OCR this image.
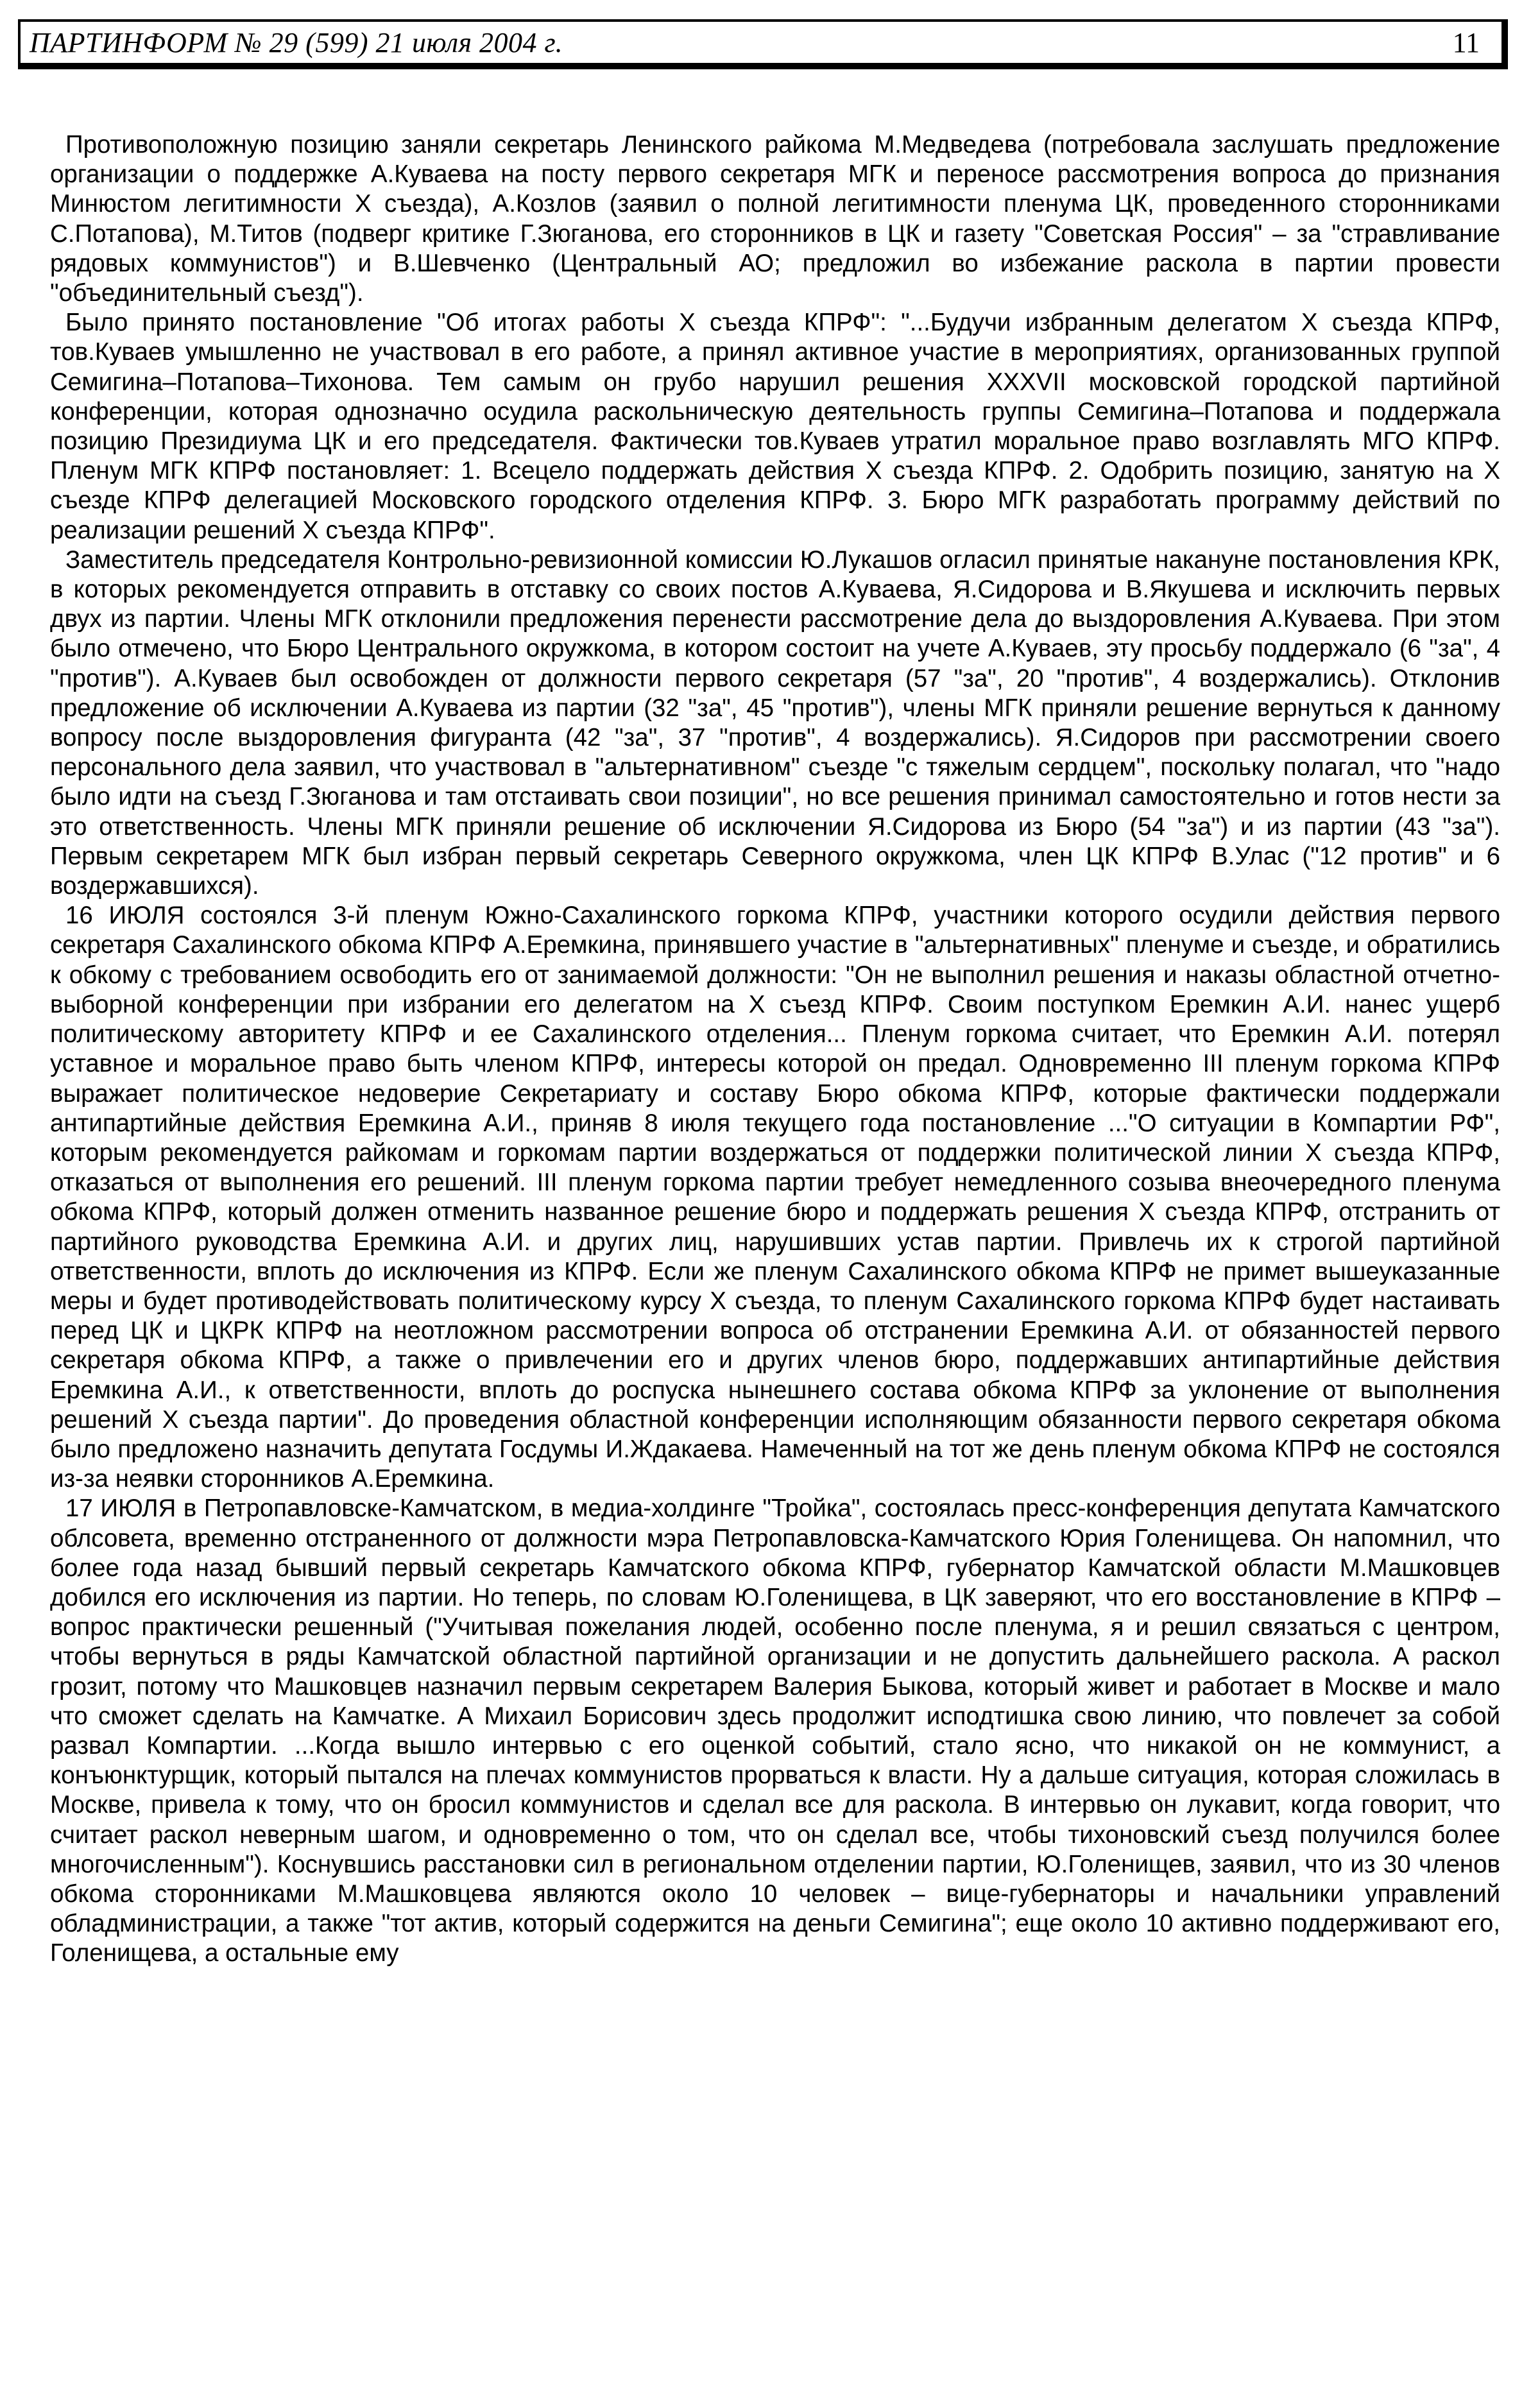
ПАРТИНФОРМ № 29 (599) 21 июля 2004 г.	11

Противоположную позицию заняли секретарь Ленинского райкома М.Медведева (потребовала заслушать предложение организации о поддержке А.Куваева на посту первого секретаря МГК и переносе рассмотрения вопроса до признания Минюстом легитимности X съезда), А.Козлов (заявил о полной легитимности пленума ЦК, проведенного сторонниками С.Потапова), М.Титов (подверг критике Г.Зюганова, его сторонников в ЦК и газету "Советская Россия" – за "стравливание рядовых коммунистов") и В.Шевченко (Центральный АО; предложил во избежание раскола в партии провести "объединительный съезд").

Было принято постановление "Об итогах работы X съезда КПРФ": "...Будучи избранным делегатом X съезда КПРФ, тов.Куваев умышленно не участвовал в его работе, а принял активное участие в мероприятиях, организованных группой Семигина–Потапова–Тихонова. Тем самым он грубо нарушил решения XXXVII московской городской партийной конференции, которая однозначно осудила раскольническую деятельность группы Семигина–Потапова и поддержала позицию Президиума ЦК и его председателя. Фактически тов.Куваев утратил моральное право возглавлять МГО КПРФ. Пленум МГК КПРФ постановляет: 1. Всецело поддержать действия X съезда КПРФ. 2. Одобрить позицию, занятую на X съезде КПРФ делегацией Московского городского отделения КПРФ. 3. Бюро МГК разработать программу действий по реализации решений X съезда КПРФ".

Заместитель председателя Контрольно-ревизионной комиссии Ю.Лукашов огласил принятые накануне постановления КРК, в которых рекомендуется отправить в отставку со своих постов А.Куваева, Я.Сидорова и В.Якушева и исключить первых двух из партии. Члены МГК отклонили предложения перенести рассмотрение дела до выздоровления А.Куваева. При этом было отмечено, что Бюро Центрального окружкома, в котором состоит на учете А.Куваев, эту просьбу поддержало (6 "за", 4 "против"). А.Куваев был освобожден от должности первого секретаря (57 "за", 20 "против", 4 воздержались). Отклонив предложение об исключении А.Куваева из партии (32 "за", 45 "против"), члены МГК приняли решение вернуться к данному вопросу после выздоровления фигуранта (42 "за", 37 "против", 4 воздержались). Я.Сидоров при рассмотрении своего персонального дела заявил, что участвовал в "альтернативном" съезде "с тяжелым сердцем", поскольку полагал, что "надо было идти на съезд Г.Зюганова и там отстаивать свои позиции", но все решения принимал самостоятельно и готов нести за это ответственность. Члены МГК приняли решение об исключении Я.Сидорова из Бюро (54 "за") и из партии (43 "за"). Первым секретарем МГК был избран первый секретарь Северного окружкома, член ЦК КПРФ В.Улас ("12 против" и 6 воздержавшихся).

16 ИЮЛЯ состоялся 3-й пленум Южно-Сахалинского горкома КПРФ, участники которого осудили действия первого секретаря Сахалинского обкома КПРФ А.Еремкина, принявшего участие в "альтернативных" пленуме и съезде, и обратились к обкому с требованием освободить его от занимаемой должности: "Он не выполнил решения и наказы областной отчетно-выборной конференции при избрании его делегатом на X съезд КПРФ. Своим поступком Еремкин А.И. нанес ущерб политическому авторитету КПРФ и ее Сахалинского отделения... Пленум горкома считает, что Еремкин А.И. потерял уставное и моральное право быть членом КПРФ, интересы которой он предал. Одновременно III пленум горкома КПРФ выражает политическое недоверие Секретариату и составу Бюро обкома КПРФ, которые фактически поддержали антипартийные действия Еремкина А.И., приняв 8 июля текущего года постановление ..."О ситуации в Компартии РФ", которым рекомендуется райкомам и горкомам партии воздержаться от поддержки политической линии X съезда КПРФ, отказаться от выполнения его решений. III пленум горкома партии требует немедленного созыва внеочередного пленума обкома КПРФ, который должен отменить названное решение бюро и поддержать решения X съезда КПРФ, отстранить от партийного руководства Еремкина А.И. и других лиц, нарушивших устав партии. Привлечь их к строгой партийной ответственности, вплоть до исключения из КПРФ. Если же пленум Сахалинского обкома КПРФ не примет вышеуказанные меры и будет противодействовать политическому курсу X съезда, то пленум Сахалинского горкома КПРФ будет настаивать перед ЦК и ЦКРК КПРФ на неотложном рассмотрении вопроса об отстранении Еремкина А.И. от обязанностей первого секретаря обкома КПРФ, а также о привлечении его и других членов бюро, поддержавших антипартийные действия Еремкина А.И., к ответственности, вплоть до роспуска нынешнего состава обкома КПРФ за уклонение от выполнения решений X съезда партии". До проведения областной конференции исполняющим обязанности первого секретаря обкома было предложено назначить депутата Госдумы И.Ждакаева. Намеченный на тот же день пленум обкома КПРФ не состоялся из-за неявки сторонников А.Еремкина.

17 ИЮЛЯ в Петропавловске-Камчатском, в медиа-холдинге "Тройка", состоялась пресс-конференция депутата Камчатского облсовета, временно отстраненного от должности мэра Петропавловска-Камчатского Юрия Голенищева. Он напомнил, что более года назад бывший первый секретарь Камчатского обкома КПРФ, губернатор Камчатской области М.Машковцев добился его исключения из партии. Но теперь, по словам Ю.Голенищева, в ЦК заверяют, что его восстановление в КПРФ – вопрос практически решенный ("Учитывая пожелания людей, особенно после пленума, я и решил связаться с центром, чтобы вернуться в ряды Камчатской областной партийной организации и не допустить дальнейшего раскола. А раскол грозит, потому что Машковцев назначил первым секретарем Валерия Быкова, который живет и работает в Москве и мало что сможет сделать на Камчатке. А Михаил Борисович здесь продолжит исподтишка свою линию, что повлечет за собой развал Компартии. ...Когда вышло интервью с его оценкой событий, стало ясно, что никакой он не коммунист, а конъюнктурщик, который пытался на плечах коммунистов прорваться к власти. Ну а дальше ситуация, которая сложилась в Москве, привела к тому, что он бросил коммунистов и сделал все для раскола. В интервью он лукавит, когда говорит, что считает раскол неверным шагом, и одновременно о том, что он сделал все, чтобы тихоновский съезд получился более многочисленным"). Коснувшись расстановки сил в региональном отделении партии, Ю.Голенищев, заявил, что из 30 членов обкома сторонниками М.Машковцева являются около 10 человек – вице-губернаторы и начальники управлений обладминистрации, а также "тот актив, который содержится на деньги Семигина"; еще около 10 активно поддерживают его, Голенищева, а остальные ему
